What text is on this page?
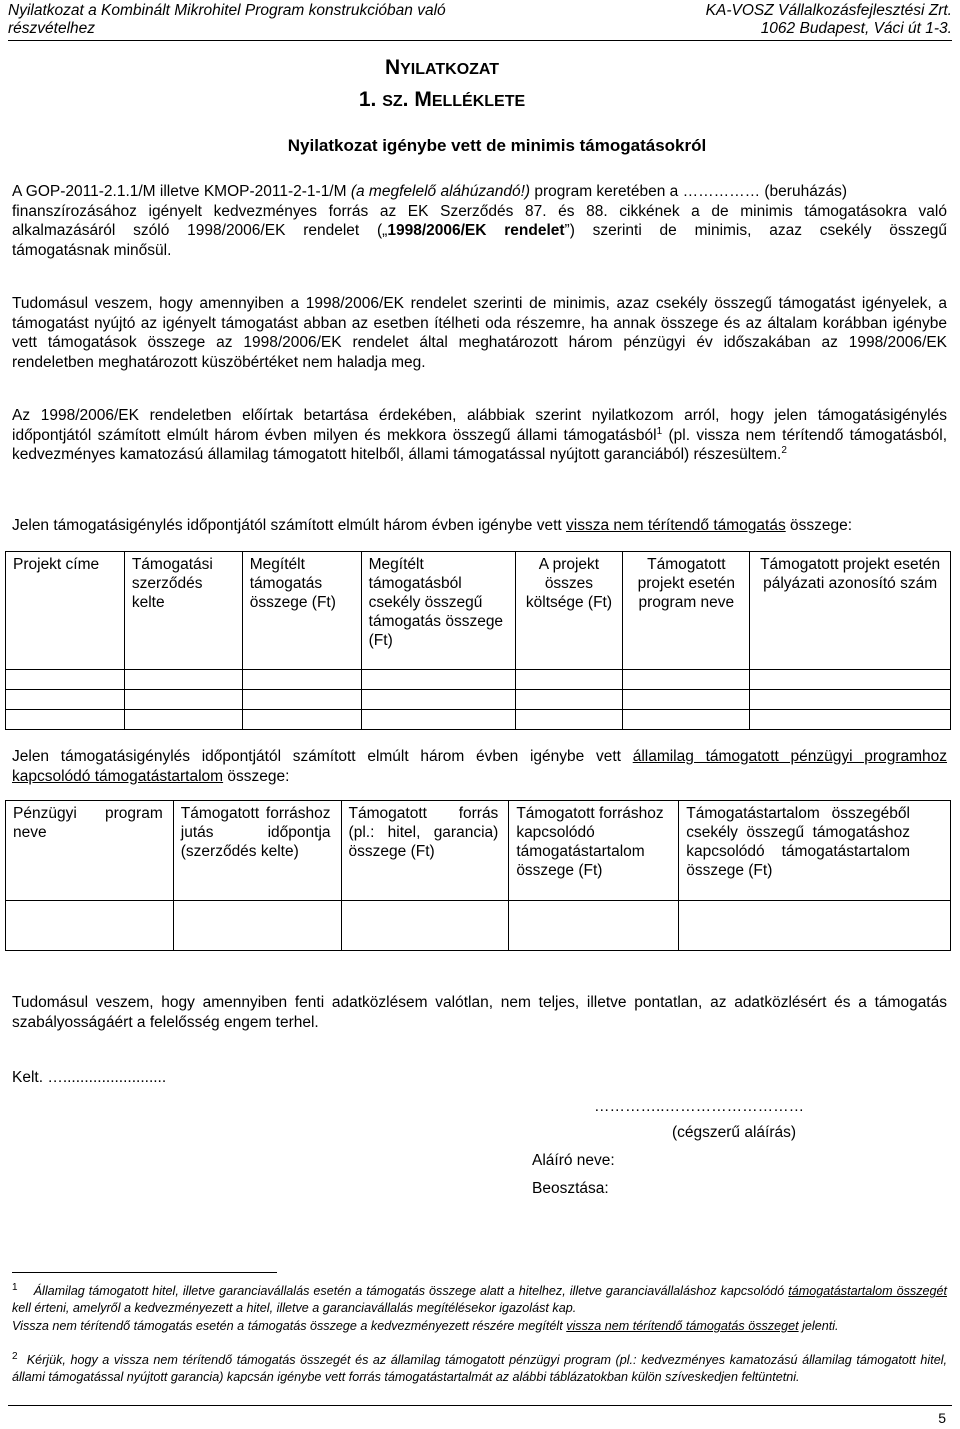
Nyilatkozat a Kombinált Mikrohitel Program konstrukcióban való
részvételhez
KA-VOSZ Vállalkozásfejlesztési Zrt.
1062 Budapest, Váci út 1-3.
NYILATKOZAT
1. SZ. MELLÉKLETE
Nyilatkozat igénybe vett de minimis támogatásokról
A GOP-2011-2.1.1/M illetve KMOP-2011-2-1-1/M (a megfelelő aláhúzandó!) program keretében a …………… (beruházás)
finanszírozásához igényelt kedvezményes forrás az EK Szerződés 87. és 88. cikkének a de minimis támogatásokra való
alkalmazásáról szóló 1998/2006/EK rendelet („1998/2006/EK rendelet”) szerinti de minimis, azaz csekély összegű
támogatásnak minősül.
Tudomásul veszem, hogy amennyiben a 1998/2006/EK rendelet szerinti de minimis, azaz csekély összegű támogatást igényelek, a támogatást nyújtó az igényelt támogatást abban az esetben ítélheti oda részemre, ha annak összege és az általam korábban igénybe vett támogatások összege az 1998/2006/EK rendelet által meghatározott három pénzügyi év időszakában az 1998/2006/EK rendeletben meghatározott küszöbértéket nem haladja meg.
Az 1998/2006/EK rendeletben előírtak betartása érdekében, alábbiak szerint nyilatkozom arról, hogy jelen támogatásigénylés időpontjától számított elmúlt három évben milyen és mekkora összegű állami támogatásból$^1$ (pl. vissza nem térítendő támogatásból, kedvezményes kamatozású államilag támogatott hitelből, állami támogatással nyújtott garanciából) részesültem.$^2$
Jelen támogatásigénylés időpontjától számított elmúlt három évben igénybe vett vissza nem térítendő támogatás összege:
Projekt címe	Támogatási szerződés kelte	Megítélt támogatás összege (Ft)	Megítélt támogatásból csekély összegű támogatás összege (Ft)	A projekt összes költsége (Ft)	Támogatott projekt esetén program neve	Támogatott projekt esetén pályázati azonosító szám

Jelen támogatásigénylés időpontjától számított elmúlt három évben igénybe vett államilag támogatott pénzügyi programhoz
kapcsolódó támogatástartalom összege:
Pénzügyi program neve	Támogatott forráshoz jutás időpontja (szerződés kelte)	Támogatott forrás (pl.: hitel, garancia) összege (Ft)	Támogatott forráshoz kapcsolódó támogatástartalom összege (Ft)	Támogatástartalom összegéből csekély összegű támogatáshoz kapcsolódó támogatástartalom összege (Ft)

Tudomásul veszem, hogy amennyiben fenti adatközlésem valótlan, nem teljes, illetve pontatlan, az adatközlésért és a támogatás szabályosságáért a felelősség engem terhel.
Kelt. …........................
…………..………………………
(cégszerű aláírás)
Aláíró neve:
Beosztása:
$^1$ Államilag támogatott hitel, illetve garanciavállalás esetén a támogatás összege alatt a hitelhez, illetve garanciavállaláshoz kapcsolódó támogatástartalom összegét kell érteni, amelyről a kedvezményezett a hitel, illetve a garanciavállalás megítélésekor igazolást kap.
Vissza nem térítendő támogatás esetén a támogatás összege a kedvezményezett részére megítélt vissza nem térítendő támogatás összeget jelenti.
$^2$ Kérjük, hogy a vissza nem térítendő támogatás összegét és az államilag támogatott pénzügyi program (pl.: kedvezményes kamatozású államilag támogatott hitel, állami támogatással nyújtott garancia) kapcsán igénybe vett forrás támogatástartalmát az alábbi táblázatokban külön szíveskedjen feltüntetni.
5
